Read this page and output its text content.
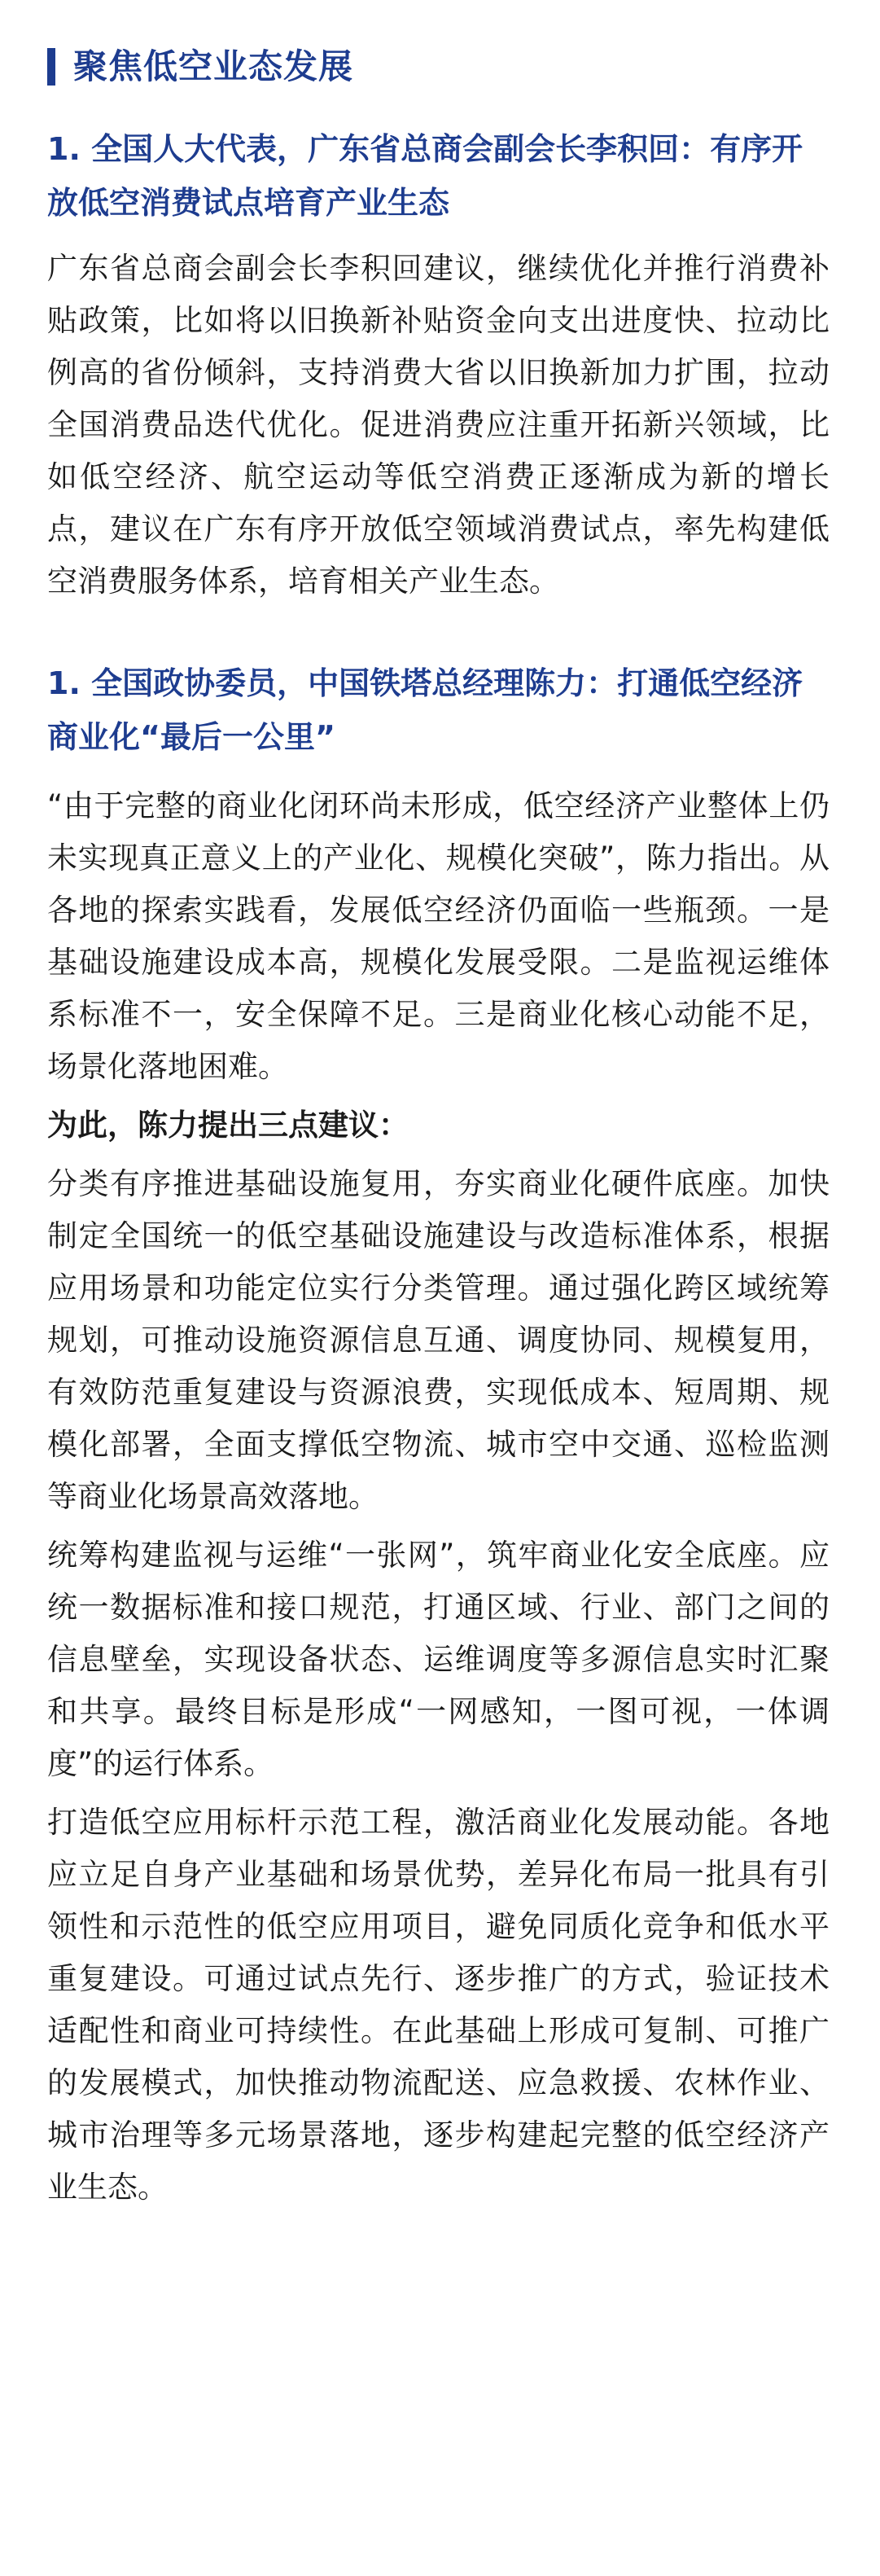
聚焦低空业态发展
1. 全国人大代表，广东省总商会副会长李积回：有序开放低空消费试点培育产业生态

广东省总商会副会长李积回建议，继续优化并推行消费补贴政策，比如将以旧换新补贴资金向支出进度快、拉动比例高的省份倾斜，支持消费大省以旧换新加力扩围，拉动全国消费品迭代优化。促进消费应注重开拓新兴领域，比如低空经济、航空运动等低空消费正逐渐成为新的增长点，建议在广东有序开放低空领域消费试点，率先构建低空消费服务体系，培育相关产业生态。

1. 全国政协委员，中国铁塔总经理陈力：打通低空经济商业化“最后一公里”

“由于完整的商业化闭环尚未形成，低空经济产业整体上仍未实现真正意义上的产业化、规模化突破”，陈力指出。从各地的探索实践看，发展低空经济仍面临一些瓶颈。一是基础设施建设成本高，规模化发展受限。二是监视运维体系标准不一，安全保障不足。三是商业化核心动能不足，场景化落地困难。

为此，陈力提出三点建议：

分类有序推进基础设施复用，夯实商业化硬件底座。加快制定全国统一的低空基础设施建设与改造标准体系，根据应用场景和功能定位实行分类管理。通过强化跨区域统筹规划，可推动设施资源信息互通、调度协同、规模复用，有效防范重复建设与资源浪费，实现低成本、短周期、规模化部署，全面支撑低空物流、城市空中交通、巡检监测等商业化场景高效落地。

统筹构建监视与运维“一张网”，筑牢商业化安全底座。应统一数据标准和接口规范，打通区域、行业、部门之间的信息壁垒，实现设备状态、运维调度等多源信息实时汇聚和共享。最终目标是形成“一网感知，一图可视，一体调度”的运行体系。

打造低空应用标杆示范工程，激活商业化发展动能。各地应立足自身产业基础和场景优势，差异化布局一批具有引领性和示范性的低空应用项目，避免同质化竞争和低水平重复建设。可通过试点先行、逐步推广的方式，验证技术适配性和商业可持续性。在此基础上形成可复制、可推广的发展模式，加快推动物流配送、应急救援、农林作业、城市治理等多元场景落地，逐步构建起完整的低空经济产业生态。
